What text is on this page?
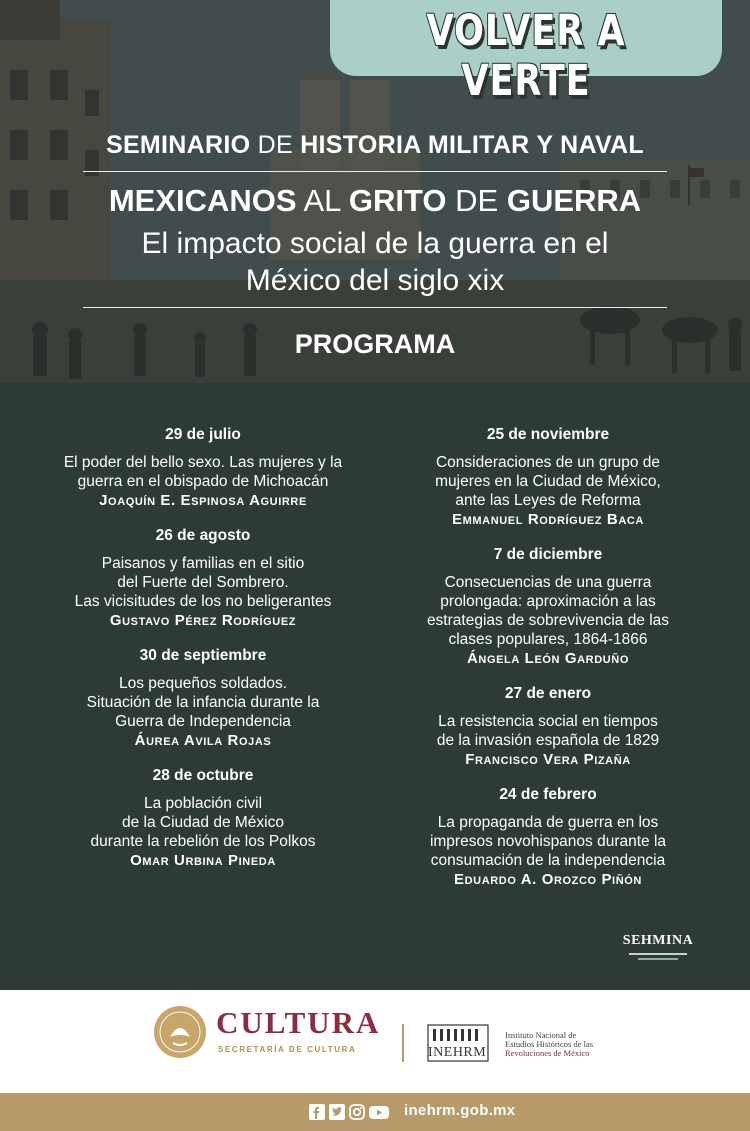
VOLVER A VERTE
SEMINARIO DE HISTORIA MILITAR Y NAVAL
MEXICANOS AL GRITO DE GUERRA
El impacto social de la guerra en el
México del siglo xix
PROGRAMA
29 de julio
El poder del bello sexo. Las mujeres y la
guerra en el obispado de Michoacán
Joaquín E. Espinosa Aguirre
26 de agosto
Paisanos y familias en el sitio
del Fuerte del Sombrero.
Las vicisitudes de los no beligerantes
Gustavo Pérez Rodríguez
30 de septiembre
Los pequeños soldados.
Situación de la infancia durante la
Guerra de Independencia
Áurea Avila Rojas
28 de octubre
La población civil
de la Ciudad de México
durante la rebelión de los Polkos
Omar Urbina Pineda
25 de noviembre
Consideraciones de un grupo de
mujeres en la Ciudad de México,
ante las Leyes de Reforma
Emmanuel Rodríguez Baca
7 de diciembre
Consecuencias de una guerra
prolongada: aproximación a las
estrategias de sobrevivencia de las
clases populares, 1864-1866
Ángela León Garduño
27 de enero
La resistencia social en tiempos
de la invasión española de 1829
Francisco Vera Pizaña
24 de febrero
La propaganda de guerra en los
impresos novohispanos durante la
consumación de la independencia
Eduardo A. Orozco Piñón
SEHMINA
CULTURA
SECRETARÍA DE CULTURA	INEHRM
Instituto Nacional de
Estudios Históricos de las
Revoluciones de México
inehrm.gob.mx
